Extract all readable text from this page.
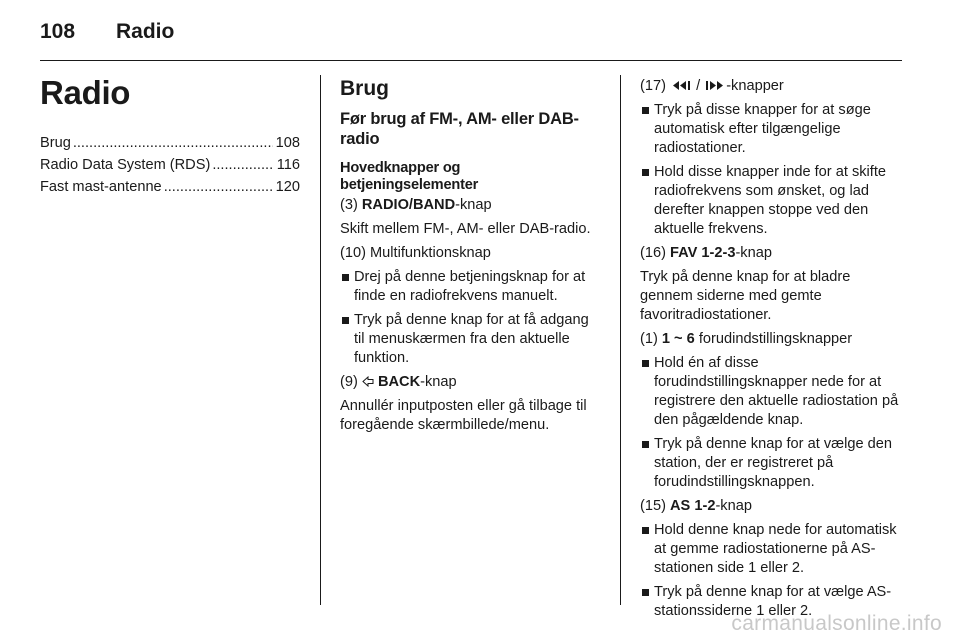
108 Radio
Radio
Brug .....	108
Radio Data System (RDS) .....	116
Fast mast-antenne .....	120
Brug
Før brug af FM-, AM- eller DAB-radio
Hovedknapper og
betjeningselementer

(3) RADIO/BAND-knap

Skift mellem FM-, AM- eller DAB-radio.

(10) Multifunktionsknap

Drej på denne betjeningsknap for at finde en radiofrekvens manuelt.
Tryk på denne knap for at få adgang til menuskærmen fra den aktuelle funktion.

(9)  BACK-knap

Annullér inputposten eller gå tilbage til foregående skærmbillede/menu.

(17)  / -knapper

Tryk på disse knapper for at søge automatisk efter tilgængelige radiostationer.
Hold disse knapper inde for at skifte radiofrekvens som ønsket, og lad derefter knappen stoppe ved den aktuelle frekvens.

(16) FAV 1-2-3-knap

Tryk på denne knap for at bladre gennem siderne med gemte favoritradiostationer.

(1) 1 ~ 6 forudindstillingsknapper

Hold én af disse forudindstillingsknapper nede for at registrere den aktuelle radiostation på den pågældende knap.
Tryk på denne knap for at vælge den station, der er registreret på forudindstillingsknappen.

(15) AS 1-2-knap

Hold denne knap nede for automatisk at gemme radiostationerne på AS-stationen side 1 eller 2.
Tryk på denne knap for at vælge AS-stationssiderne 1 eller 2.
carmanualsonline.info
